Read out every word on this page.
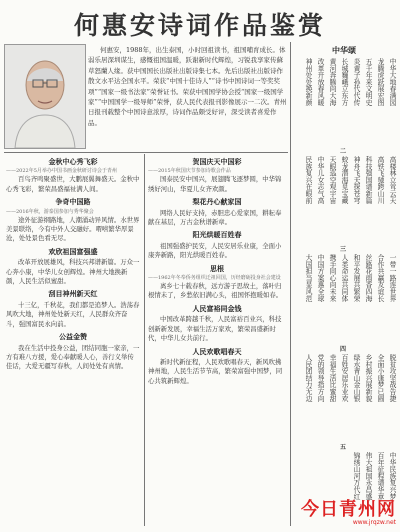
何惠安诗词作品鉴赏
何惠安，1988年，出生泰国，小时回祖读书，祖国哺育成长。体弱乐居深圳谋生，感慨祖国温暖，跃谢新时代辉煌，习锐我享家传蘇草怒蘭人缘。获中国国长出版社出版诗集七本。先后出版社出版诗作散文水平达全国水平。荣获“中国十佳诗人”“诗书中国诗词一等奖奖项”“国家一级书法家”荣誉证书。荣获中国国学协会授“国家一级国学家”“中国国学一级导师”荣誉，获人民代表报刊影像展示一二次。青州日报刊载整个中国诗意浓厚，诗词作品颇受好评，深受读者喜爱作品。
金秋中心秀飞彩
——2022年5月举办中国书画金秋研讨诗会于青州
百鸟齐鸣聚盛世，大鹏展翼舞盛天。金秋中心秀飞彩，繁荣昌盛福祉满人间。
争奇中国路
——2016年秋，游泰国参加与秀华聚会
途外征游纲路地，人潮涌动异风情。水世界美景联络，今有中外人交融好。喟嘻繁华厚景沧，处处景色看无尽。
欢欣祖国富强盛
改革开放展雄风，科技兴邦谱新篇。万众一心奔小康，中华儿女创辉煌。神州大地换新颜，人民生活似蜜甜。
刮目神州新天红
十三亿，千秋花，我们都是追梦人。浩荡春风吹大地，神州处处新天红，人民群众齐奋斗，强国富民永向前。
公益金赞
我在生活中投身公益，团结同胞一家亲，一方有难八方援，爱心奉献暖人心，善行义举传佳话，大爱无疆写春秋，人间处处有真情。
贺国庆天中国彩
——2015年秋国庆节参加诗歌会作品
国泰民安中国兴，展翅腾飞逐梦圆，中华锦绣好河山，华夏儿女齐欢颜。
梨花丹心献家国
网络人民好支持，赤胆忠心爱家国，耕耘奉献在基层，万古金秋谱新章。
阳光烘暖百姓春
祖国强盛护民安，人民安居乐业康，全面小康奔新路，阳光烘暖百姓春。
思根
——1962年冬奉侨务组织迁祖回国，历经磨砺投身社会建设
离乡七十载春秋，远方游子思故土，落叶归根情未了，乡愁依旧满心头，祖国怀抱暖如春。
人民富裕同金钱
中国改革跨越千秋，人民富裕百业兴，科技创新新发展，幸福生活万家欢，繁荣昌盛新时代，中华儿女共前行。
人民欢歌唱春天
新时代新征程，人民欢歌唱春天，新风吹拂神州地，人民生活节节高，繁荣富强中国梦，同心共筑新辉煌。
中华颂
中华大地春满园
龙腾虎跃展宏图
五千年来文明史
炎黄子孙代代传
长城巍峨立东方
黄河奔腾向大海
改革开放春风暖
神州处处换新颜
二
高楼林立耸云天
高铁飞驰跨山川
科技强国谱新篇
神舟飞天探苍穹
蛟龙潜海觅宝藏
天眼巡空观宇宙
中华儿女志气高
民族复兴在眼前
三
一带一路连世界
合作共赢友谊长
丝路花雨香四海
和平发展共繁荣
人类命运共同体
携手同心向未来
中国方案惠全球
大国担当显风范
四
脱贫攻坚战告捷
全面小康梦已圆
乡村振兴展新貌
绿水青山金山银
百姓安居乐业欢
幸福生活比蜜甜
党的领导指方向
人民团结力无边
五
中华民族复兴梦
百年征程谱华章
伟大祖国永昌盛
锦绣山河万代红
今日青州网
www.jrqzw.net
